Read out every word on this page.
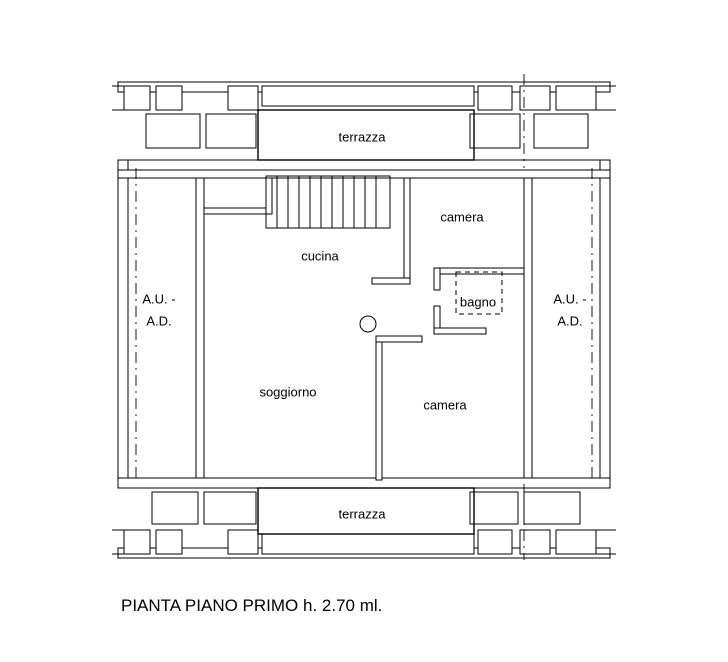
terrazza
camera
cucina
bagno
A.U. -
A.D.
A.U. -
A.D.
soggiorno
camera
terrazza
PIANTA PIANO PRIMO h. 2.70 ml.
